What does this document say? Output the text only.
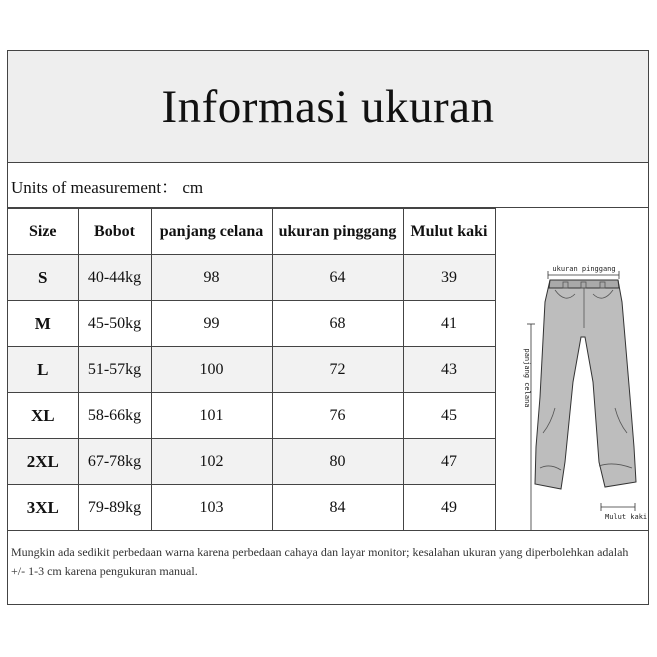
Informasi ukuran
Units of measurement： cm
Size	Bobot	panjang celana	ukuran pinggang	Mulut kaki
S	40-44kg	98	64	39
M	45-50kg	99	68	41
L	51-57kg	100	72	43
XL	58-66kg	101	76	45
2XL	67-78kg	102	80	47
3XL	79-89kg	103	84	49
ukuran pinggang
panjang celana
Mulut kaki
Mungkin ada sedikit perbedaan warna karena perbedaan cahaya dan layar monitor; kesalahan ukuran yang diperbolehkan adalah +/- 1-3 cm karena pengukuran manual.
